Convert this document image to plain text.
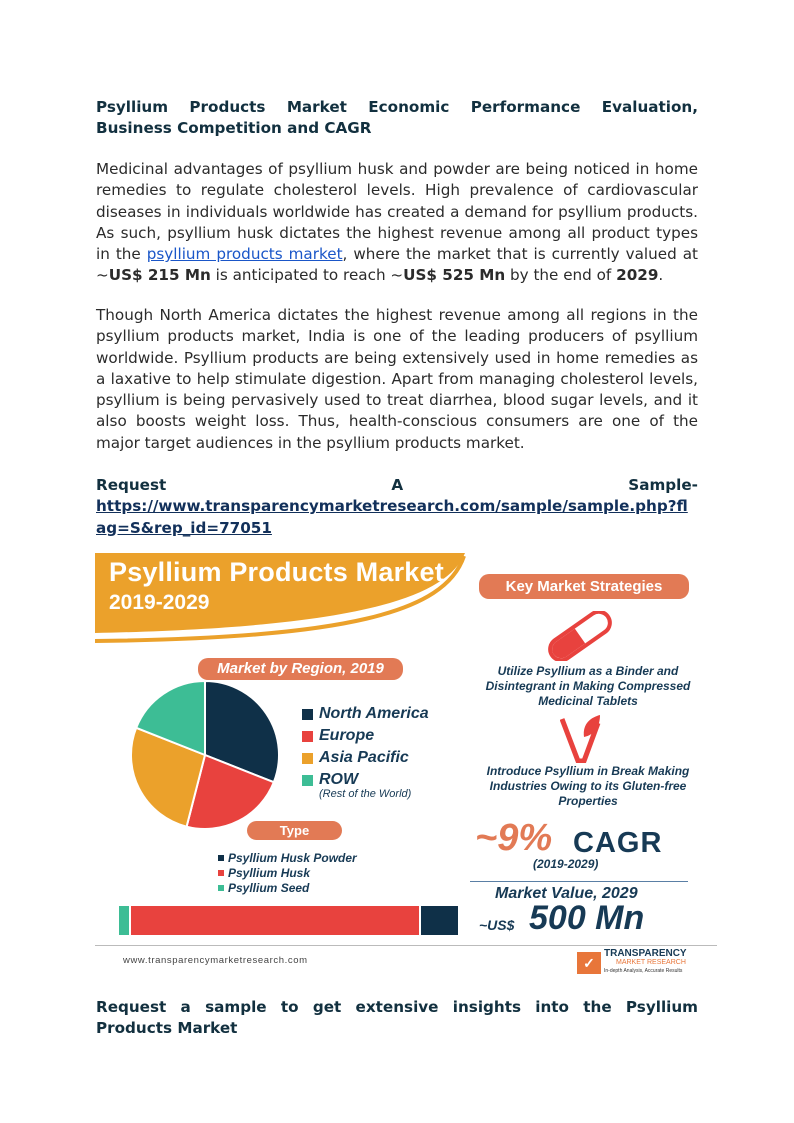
Psyllium Products Market Economic Performance Evaluation, Business Competition and CAGR

Medicinal advantages of psyllium husk and powder are being noticed in home remedies to regulate cholesterol levels. High prevalence of cardiovascular diseases in individuals worldwide has created a demand for psyllium products. As such, psyllium husk dictates the highest revenue among all product types in the psyllium products market, where the market that is currently valued at ~US$ 215 Mn is anticipated to reach ~US$ 525 Mn by the end of 2029.

Though North America dictates the highest revenue among all regions in the psyllium products market, India is one of the leading producers of psyllium worldwide. Psyllium products are being extensively used in home remedies as a laxative to help stimulate digestion. Apart from managing cholesterol levels, psyllium is being pervasively used to treat diarrhea, blood sugar levels, and it also boosts weight loss. Thus, health-conscious consumers are one of the major target audiences in the psyllium products market.
Request	A	Sample-
https://www.transparencymarketresearch.com/sample/sample.php?flag=S&rep_id=77051
Psyllium Products Market
2019-2029
Market by Region, 2019
North America
Europe
Asia Pacific
ROW
(Rest of the World)
Type
Psyllium Husk Powder
Psyllium Husk
Psyllium Seed
Key Market Strategies
Utilize Psyllium as a Binder and Disintegrant in Making Compressed Medicinal Tablets
Introduce Psyllium in Break Making Industries Owing to its Gluten-free Properties
~9% CAGR
(2019-2029)
Market Value, 2029
~US$ 500 Mn
www.transparencymarketresearch.com	✓
TRANSPARENCY
MARKET RESEARCH
In-depth Analysis, Accurate Results
Request a sample to get extensive insights into the Psyllium Products Market
